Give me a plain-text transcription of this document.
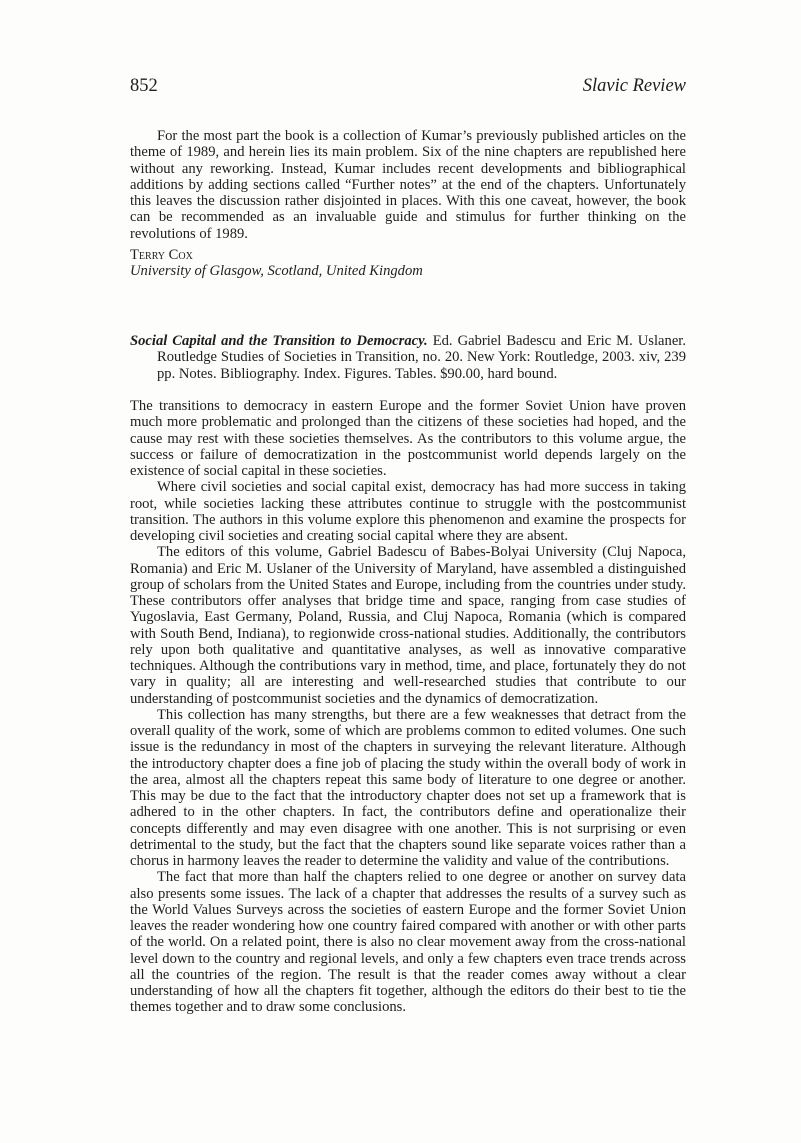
852	Slavic Review

For the most part the book is a collection of Kumar’s previously published articles on the theme of 1989, and herein lies its main problem. Six of the nine chapters are republished here without any reworking. Instead, Kumar includes recent developments and bibliographical additions by adding sections called “Further notes” at the end of the chapters. Unfortunately this leaves the discussion rather disjointed in places. With this one caveat, however, the book can be recommended as an invaluable guide and stimulus for further thinking on the revolutions of 1989.

Terry Cox

University of Glasgow, Scotland, United Kingdom

Social Capital and the Transition to Democracy. Ed. Gabriel Badescu and Eric M. Uslaner. Routledge Studies of Societies in Transition, no. 20. New York: Routledge, 2003. xiv, 239 pp. Notes. Bibliography. Index. Figures. Tables. $90.00, hard bound.

The transitions to democracy in eastern Europe and the former Soviet Union have proven much more problematic and prolonged than the citizens of these societies had hoped, and the cause may rest with these societies themselves. As the contributors to this volume argue, the success or failure of democratization in the postcommunist world depends largely on the existence of social capital in these societies.

Where civil societies and social capital exist, democracy has had more success in taking root, while societies lacking these attributes continue to struggle with the postcommunist transition. The authors in this volume explore this phenomenon and examine the prospects for developing civil societies and creating social capital where they are absent.

The editors of this volume, Gabriel Badescu of Babes-Bolyai University (Cluj Napoca, Romania) and Eric M. Uslaner of the University of Maryland, have assembled a distinguished group of scholars from the United States and Europe, including from the countries under study. These contributors offer analyses that bridge time and space, ranging from case studies of Yugoslavia, East Germany, Poland, Russia, and Cluj Napoca, Romania (which is compared with South Bend, Indiana), to regionwide cross-national studies. Additionally, the contributors rely upon both qualitative and quantitative analyses, as well as innovative comparative techniques. Although the contributions vary in method, time, and place, fortunately they do not vary in quality; all are interesting and well-researched studies that contribute to our understanding of postcommunist societies and the dynamics of democratization.

This collection has many strengths, but there are a few weaknesses that detract from the overall quality of the work, some of which are problems common to edited volumes. One such issue is the redundancy in most of the chapters in surveying the relevant literature. Although the introductory chapter does a fine job of placing the study within the overall body of work in the area, almost all the chapters repeat this same body of literature to one degree or another. This may be due to the fact that the introductory chapter does not set up a framework that is adhered to in the other chapters. In fact, the contributors define and operationalize their concepts differently and may even disagree with one another. This is not surprising or even detrimental to the study, but the fact that the chapters sound like separate voices rather than a chorus in harmony leaves the reader to determine the validity and value of the contributions.

The fact that more than half the chapters relied to one degree or another on survey data also presents some issues. The lack of a chapter that addresses the results of a survey such as the World Values Surveys across the societies of eastern Europe and the former Soviet Union leaves the reader wondering how one country faired compared with another or with other parts of the world. On a related point, there is also no clear movement away from the cross-national level down to the country and regional levels, and only a few chapters even trace trends across all the countries of the region. The result is that the reader comes away without a clear understanding of how all the chapters fit together, although the editors do their best to tie the themes together and to draw some conclusions.
